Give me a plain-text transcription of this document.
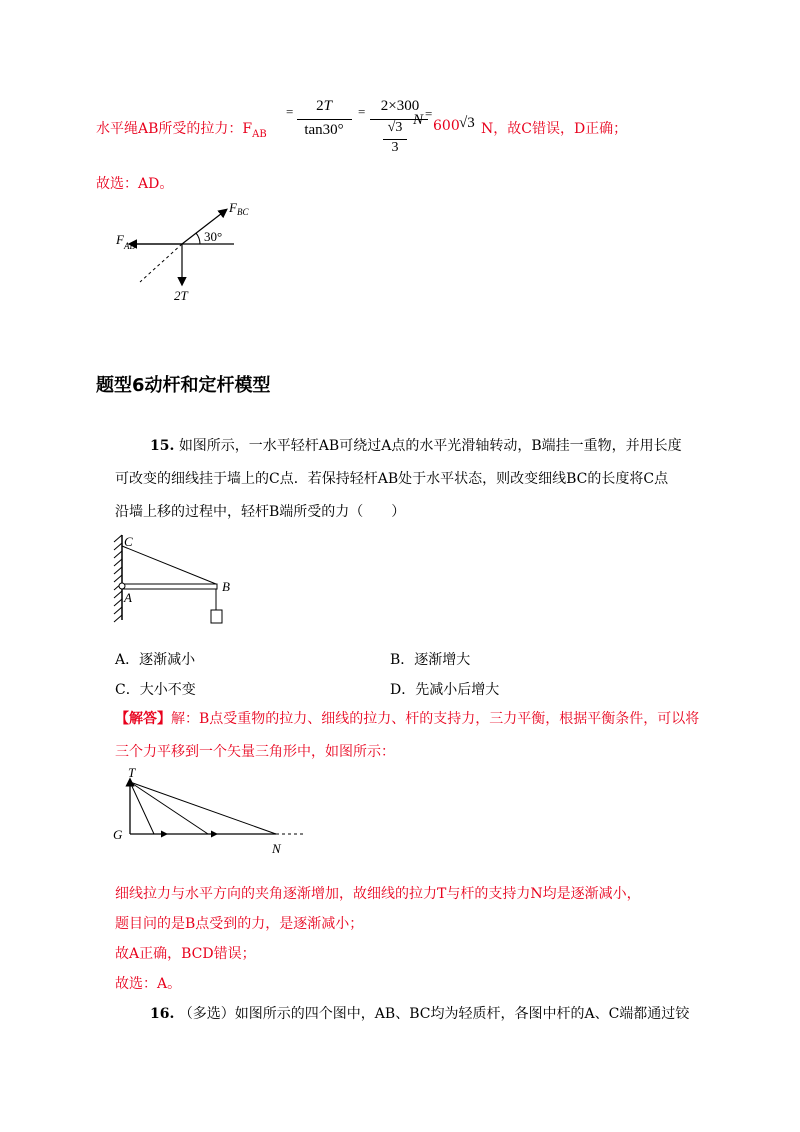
水平绳AB所受的拉力：$F_{AB}$
=	2T
tan30°
=	2×300
√3
3
N =
600 √3 N，故C错误，D正确；
故选：AD。
$F_{BC}$
$F_{AB}$
30°
2T
题型6动杆和定杆模型
15. 如图所示，一水平轻杆AB可绕过A点的水平光滑轴转动，B端挂一重物，并用长度
可改变的细线挂于墙上的C点．若保持轻杆AB处于水平状态，则改变细线BC的长度将C点
沿墙上移的过程中，轻杆B端所受的力（　　）
C
A
B
A．逐渐减小	B．逐渐增大
C．大小不变	D．先减小后增大
【解答】解：B点受重物的拉力、细线的拉力、杆的支持力，三力平衡，根据平衡条件，可以将
三个力平移到一个矢量三角形中，如图所示：
T
G
N
细线拉力与水平方向的夹角逐渐增加，故细线的拉力T与杆的支持力N均是逐渐减小，
题目问的是B点受到的力，是逐渐减小；
故A正确，BCD错误；
故选：A。
16. （多选）如图所示的四个图中，AB、BC均为轻质杆，各图中杆的A、C端都通过铰
